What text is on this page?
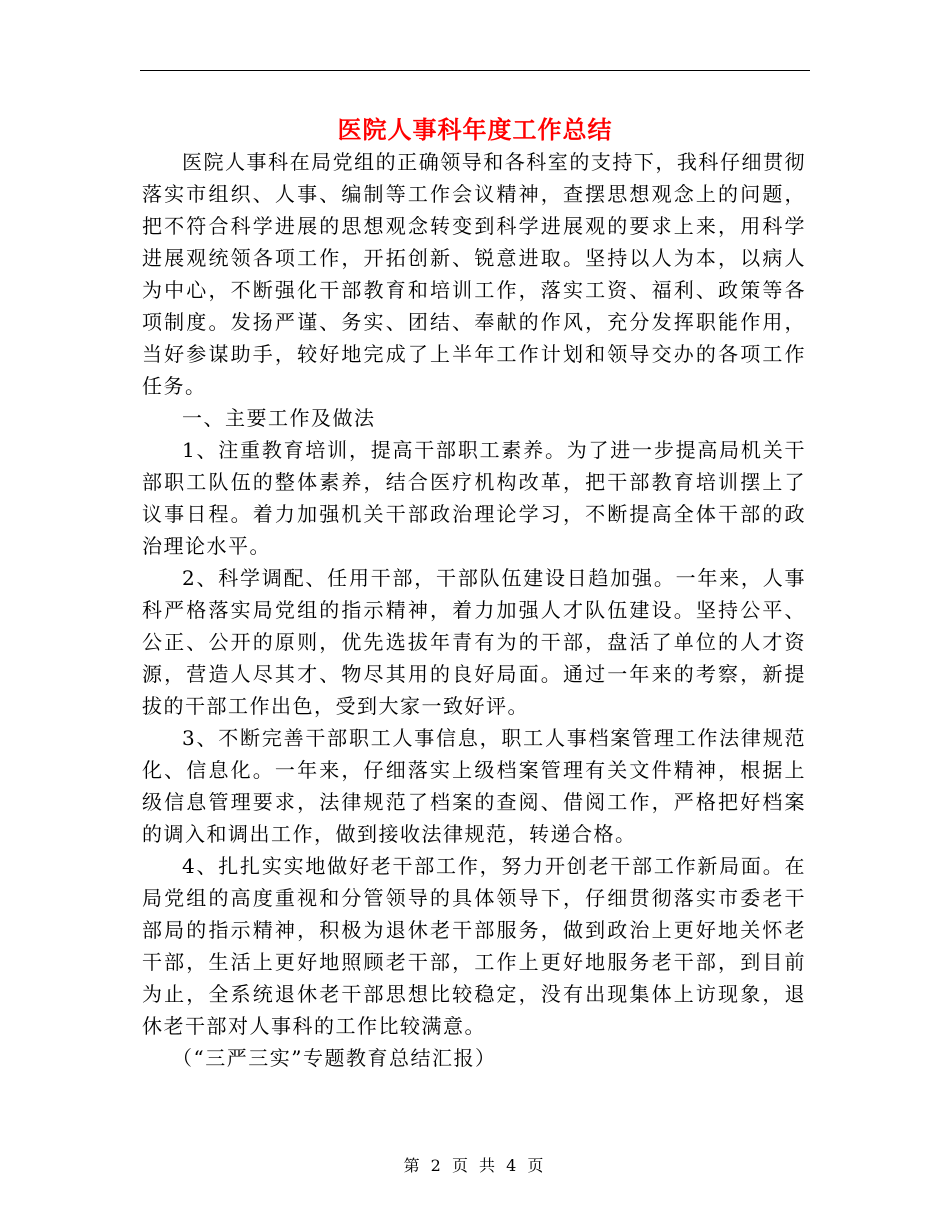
医院人事科年度工作总结

医院人事科在局党组的正确领导和各科室的支持下，我科仔细贯彻落实市组织、人事、编制等工作会议精神，查摆思想观念上的问题，把不符合科学进展的思想观念转变到科学进展观的要求上来，用科学进展观统领各项工作，开拓创新、锐意进取。坚持以人为本，以病人为中心，不断强化干部教育和培训工作，落实工资、福利、政策等各项制度。发扬严谨、务实、团结、奉献的作风，充分发挥职能作用，当好参谋助手，较好地完成了上半年工作计划和领导交办的各项工作任务。

一、主要工作及做法

1、注重教育培训，提高干部职工素养。为了进一步提高局机关干部职工队伍的整体素养，结合医疗机构改革，把干部教育培训摆上了议事日程。着力加强机关干部政治理论学习，不断提高全体干部的政治理论水平。

2、科学调配、任用干部，干部队伍建设日趋加强。一年来，人事科严格落实局党组的指示精神，着力加强人才队伍建设。坚持公平、公正、公开的原则，优先选拔年青有为的干部，盘活了单位的人才资源，营造人尽其才、物尽其用的良好局面。通过一年来的考察，新提拔的干部工作出色，受到大家一致好评。

3、不断完善干部职工人事信息，职工人事档案管理工作法律规范化、信息化。一年来，仔细落实上级档案管理有关文件精神，根据上级信息管理要求，法律规范了档案的查阅、借阅工作，严格把好档案的调入和调出工作，做到接收法律规范，转递合格。

4、扎扎实实地做好老干部工作，努力开创老干部工作新局面。在局党组的高度重视和分管领导的具体领导下，仔细贯彻落实市委老干部局的指示精神，积极为退休老干部服务，做到政治上更好地关怀老干部，生活上更好地照顾老干部，工作上更好地服务老干部，到目前为止，全系统退休老干部思想比较稳定，没有出现集体上访现象，退休老干部对人事科的工作比较满意。

（“三严三实”专题教育总结汇报）

第 2 页 共 4 页
